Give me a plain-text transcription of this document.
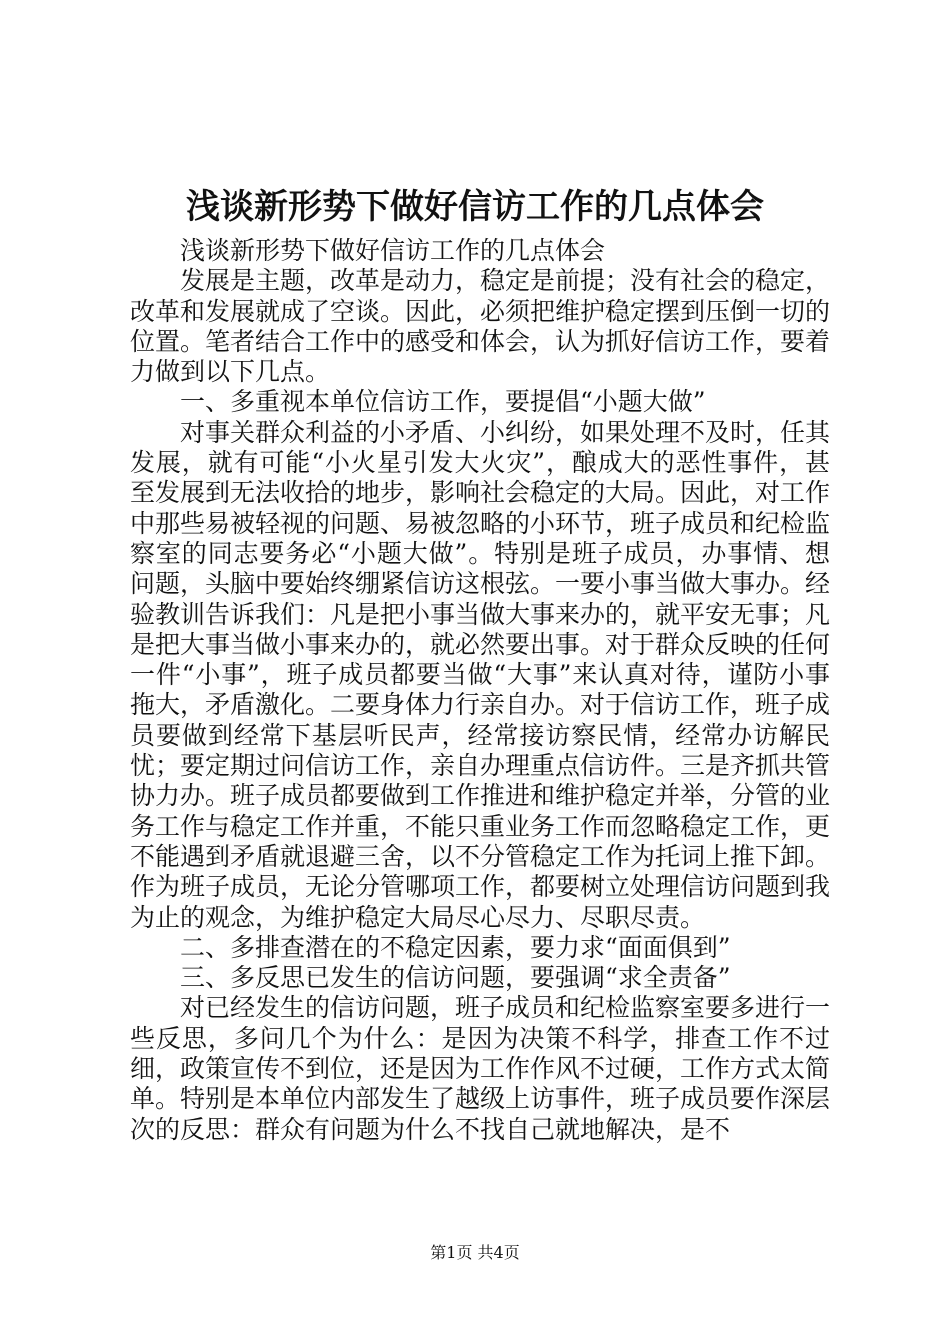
浅谈新形势下做好信访工作的几点体会

浅谈新形势下做好信访工作的几点体会

发展是主题，改革是动力，稳定是前提；没有社会的稳定，改革和发展就成了空谈。因此，必须把维护稳定摆到压倒一切的位置。笔者结合工作中的感受和体会，认为抓好信访工作，要着力做到以下几点。

一、多重视本单位信访工作，要提倡“小题大做”

对事关群众利益的小矛盾、小纠纷，如果处理不及时，任其发展，就有可能“小火星引发大火灾”，酿成大的恶性事件，甚至发展到无法收拾的地步，影响社会稳定的大局。因此，对工作中那些易被轻视的问题、易被忽略的小环节，班子成员和纪检监察室的同志要务必“小题大做”。特别是班子成员，办事情、想问题，头脑中要始终绷紧信访这根弦。一要小事当做大事办。经验教训告诉我们：凡是把小事当做大事来办的，就平安无事；凡是把大事当做小事来办的，就必然要出事。对于群众反映的任何一件“小事”，班子成员都要当做“大事”来认真对待，谨防小事拖大，矛盾激化。二要身体力行亲自办。对于信访工作，班子成员要做到经常下基层听民声，经常接访察民情，经常办访解民忧；要定期过问信访工作，亲自办理重点信访件。三是齐抓共管协力办。班子成员都要做到工作推进和维护稳定并举，分管的业务工作与稳定工作并重，不能只重业务工作而忽略稳定工作，更不能遇到矛盾就退避三舍，以不分管稳定工作为托词上推下卸。作为班子成员，无论分管哪项工作，都要树立处理信访问题到我为止的观念，为维护稳定大局尽心尽力、尽职尽责。

二、多排查潜在的不稳定因素，要力求“面面俱到”

三、多反思已发生的信访问题，要强调“求全责备”

对已经发生的信访问题，班子成员和纪检监察室要多进行一些反思，多问几个为什么：是因为决策不科学，排查工作不过细，政策宣传不到位，还是因为工作作风不过硬，工作方式太简单。特别是本单位内部发生了越级上访事件，班子成员要作深层次的反思：群众有问题为什么不找自己就地解决，是不

第1页 共4页
